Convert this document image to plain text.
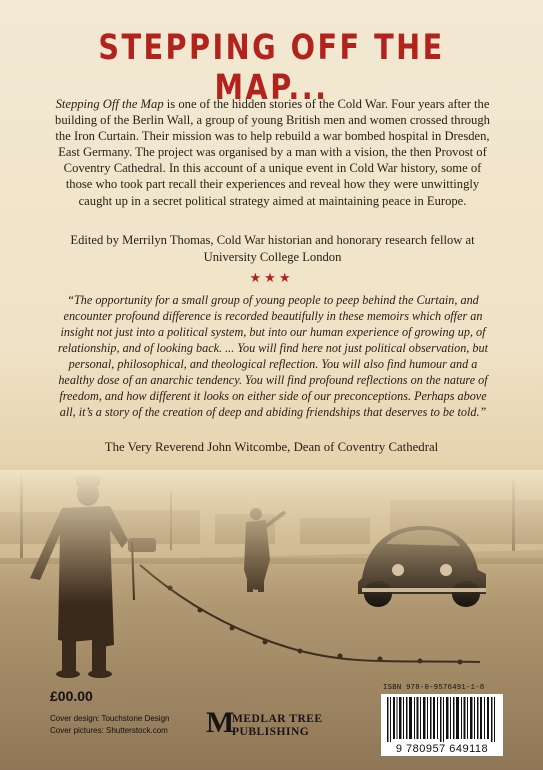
STEPPING OFF THE MAP...

Stepping Off the Map is one of the hidden stories of the Cold War. Four years after the building of the Berlin Wall, a group of young British men and women crossed through the Iron Curtain. Their mission was to help rebuild a war bombed hospital in Dresden, East Germany. The project was organised by a man with a vision, the then Provost of Coventry Cathedral. In this account of a unique event in Cold War history, some of those who took part recall their experiences and reveal how they were unwittingly caught up in a secret political strategy aimed at maintaining peace in Europe.

Edited by Merrilyn Thomas, Cold War historian and honorary research fellow at University College London

★★★

“The opportunity for a small group of young people to peep behind the Curtain, and encounter profound difference is recorded beautifully in these memoirs which offer an insight not just into a political system, but into our human experience of growing up, of relationship, and of looking back. ... You will find here not just political observation, but personal, philosophical, and theological reflection. You will also find humour and a healthy dose of an anarchic tendency. You will find profound reflections on the nature of freedom, and how different it looks on either side of our preconceptions. Perhaps above all, it’s a story of the creation of deep and abiding friendships that deserves to be told.”

The Very Reverend John Witcombe, Dean of Coventry Cathedral
£00.00
Cover design: Touchstone Design
Cover pictures: Shutterstock.com M
MEDLAR TREE
PUBLISHING
ISBN 978-0-9576491-1-8
9 780957 649118
